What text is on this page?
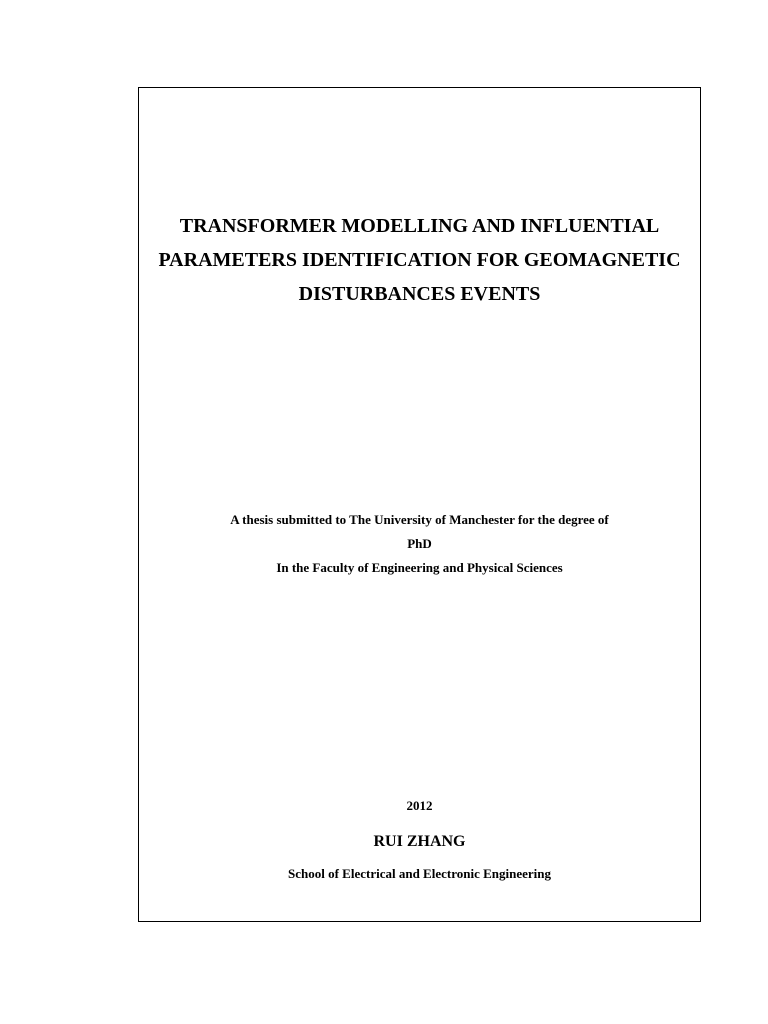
TRANSFORMER MODELLING AND INFLUENTIAL
PARAMETERS IDENTIFICATION FOR GEOMAGNETIC
DISTURBANCES EVENTS
A thesis submitted to The University of Manchester for the degree of
PhD
In the Faculty of Engineering and Physical Sciences
2012
RUI ZHANG
School of Electrical and Electronic Engineering
